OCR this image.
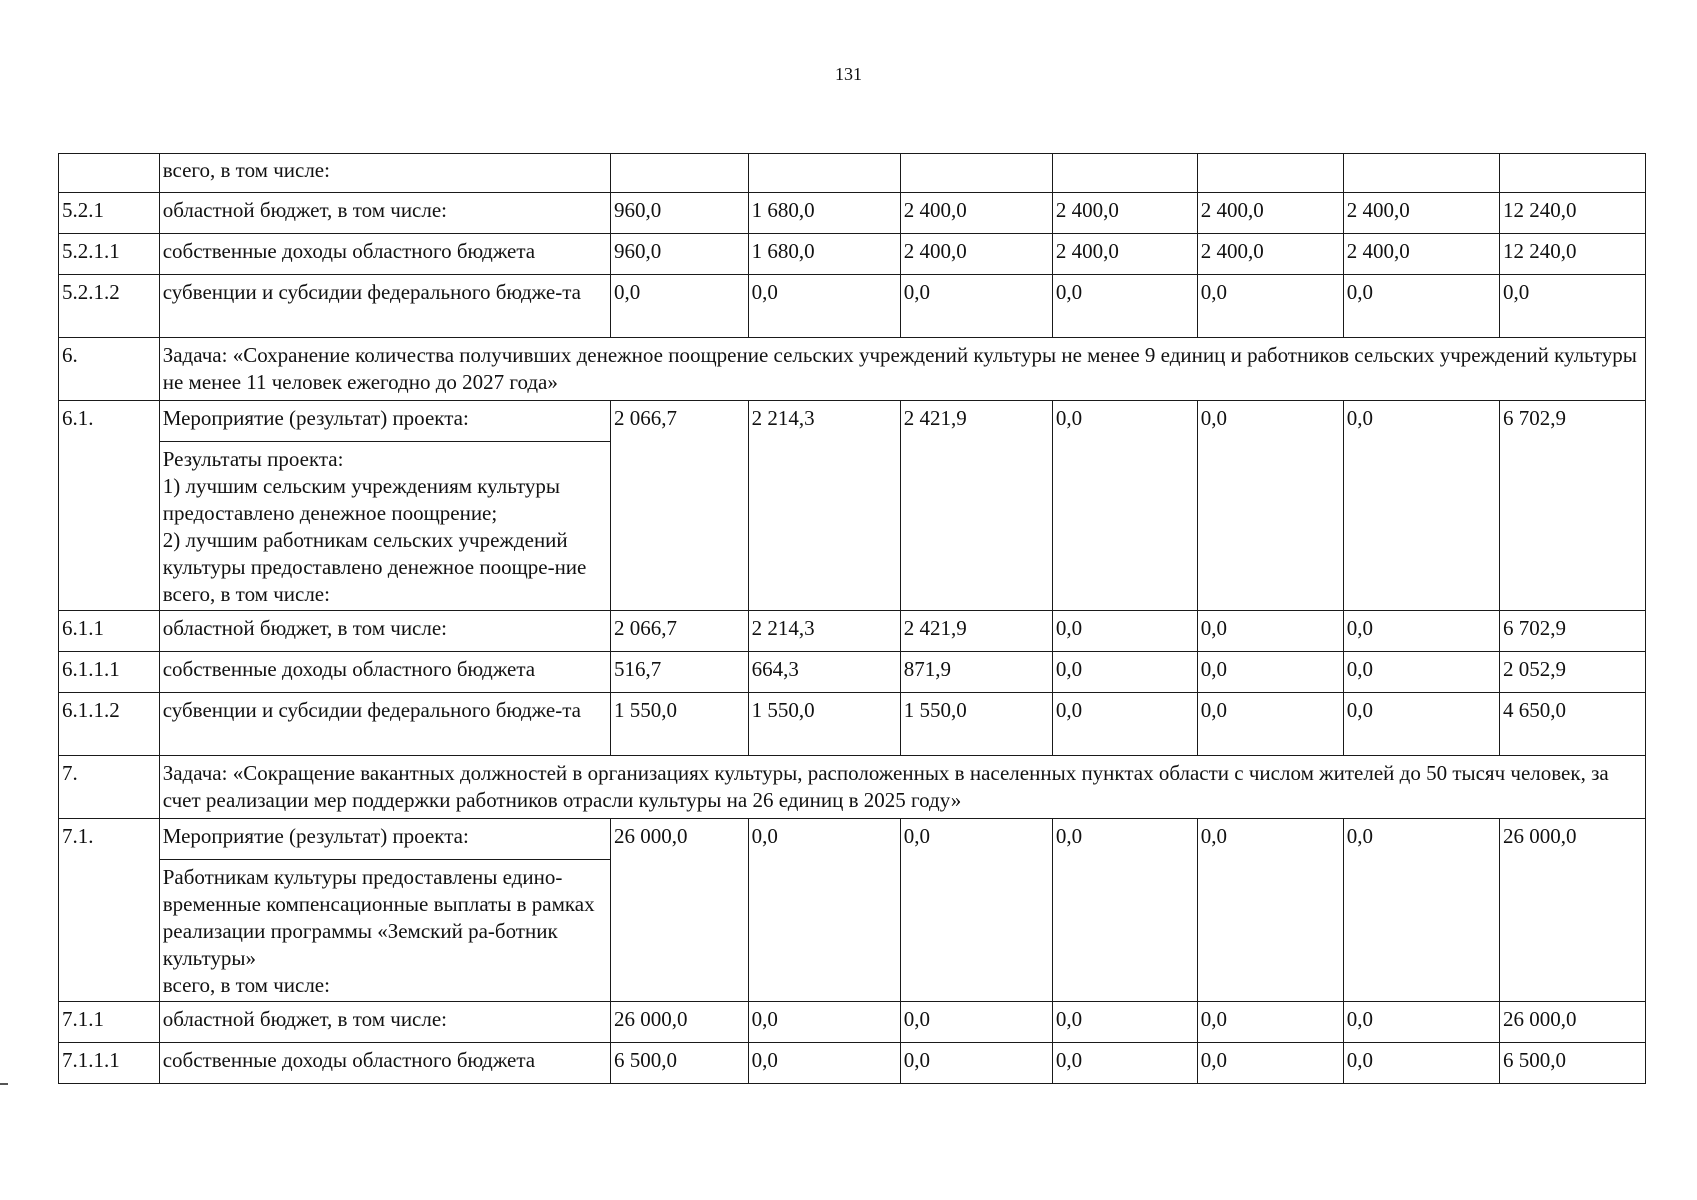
131
	всего, в том числе:							
5.2.1	областной бюджет, в том числе:	960,0	1 680,0	2 400,0	2 400,0	2 400,0	2 400,0	12 240,0
5.2.1.1	собственные доходы областного бюджета	960,0	1 680,0	2 400,0	2 400,0	2 400,0	2 400,0	12 240,0
5.2.1.2	субвенции и субсидии федерального бюдже-та	0,0	0,0	0,0	0,0	0,0	0,0	0,0
6.	Задача: «Сохранение количества получивших денежное поощрение сельских учреждений культуры не менее 9 единиц и работников сельских учреждений культуры не менее 11 человек ежегодно до 2027 года»							
6.1.	Мероприятие (результат) проекта:	2 066,7	2 214,3	2 421,9	0,0	0,0	0,0	6 702,9
	Результаты проекта:
1) лучшим сельским учреждениям культуры предоставлено денежное поощрение;
2) лучшим работникам сельских учреждений культуры предоставлено денежное поощре-ние
всего, в том числе:							
6.1.1	областной бюджет, в том числе:	2 066,7	2 214,3	2 421,9	0,0	0,0	0,0	6 702,9
6.1.1.1	собственные доходы областного бюджета	516,7	664,3	871,9	0,0	0,0	0,0	2 052,9
6.1.1.2	субвенции и субсидии федерального бюдже-та	1 550,0	1 550,0	1 550,0	0,0	0,0	0,0	4 650,0
7.	Задача: «Сокращение вакантных должностей в организациях культуры, расположенных в населенных пунктах области с числом жителей до 50 тысяч человек, за счет реализации мер поддержки работников отрасли культуры на 26 единиц в 2025 году»							
7.1.	Мероприятие (результат) проекта:	26 000,0	0,0	0,0	0,0	0,0	0,0	26 000,0
	Работникам культуры предоставлены едино-временные компенсационные выплаты в рамках реализации программы «Земский ра-ботник культуры»
всего, в том числе:							
7.1.1	областной бюджет, в том числе:	26 000,0	0,0	0,0	0,0	0,0	0,0	26 000,0
7.1.1.1	собственные доходы областного бюджета	6 500,0	0,0	0,0	0,0	0,0	0,0	6 500,0
